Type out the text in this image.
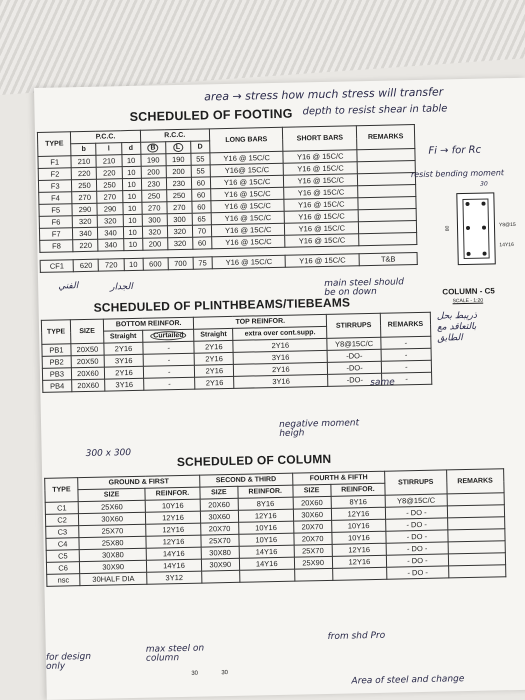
area → stress how much stress will transfer
SCHEDULED OF FOOTING depth to resist shear in table
TYPE	P.C.C.			R.C.C.			LONG BARS	SHORT BARS	REMARKS
	b	l	d	B	L	D			
F1	210	210	10	190	190	55	Y16 @ 15C/C	Y16 @ 15C/C	
F2	220	220	10	200	200	55	Y16@ 15C/C	Y16 @ 15C/C	
F3	250	250	10	230	230	60	Y16 @ 15C/C	Y16 @ 15C/C	
F4	270	270	10	250	250	60	Y16 @ 15C/C	Y16 @ 15C/C	
F5	290	290	10	270	270	60	Y16 @ 15C/C	Y16 @ 15C/C	
F6	320	320	10	300	300	65	Y16 @ 15C/C	Y16 @ 15C/C	
F7	340	340	10	320	320	70	Y16 @ 15C/C	Y16 @ 15C/C	
F8	220	340	10	200	320	60	Y16 @ 15C/C	Y16 @ 15C/C	

CF1	620	720	10	600	700	75	Y16 @ 15C/C	Y16 @ 15C/C	T&B
Fi → for Rc
resist bending moment
30
80
Y8@15
14Y16
main steel should be on down
الفني	الجدار	COLUMN - C5
SCALE - 1:20
SCHEDULED OF PLINTHBEAMS/TIEBEAMS
TYPE	SIZE	BOTTOM REINFOR.		TOP REINFOR.		STIRRUPS	REMARKS
		Straight	Curtailed	Straight	extra over cont.supp.		
PB1	20X50	2Y16	-	2Y16	2Y16	Y8@15C/C	-
PB2	20X50	3Y16	-	2Y16	3Y16	-DO-	-
PB3	20X60	2Y16	-	2Y16	2Y16	-DO-	-
PB4	20X60	3Y16	-	2Y16	3Y16	-DO-	-
ذريبط بحل بالتعاقد مع الطابق
same
negative moment heigh
300 x 300	SCHEDULED OF COLUMN
TYPE	GROUND & FIRST		SECOND & THIRD		FOURTH & FIFTH		STIRRUPS	REMARKS
	SIZE	REINFOR.	SIZE	REINFOR.	SIZE	REINFOR.		
C1	25X60	10Y16	20X60	8Y16	20X60	8Y16	Y8@15C/C	
C2	30X60	12Y16	30X60	12Y16	30X60	12Y16	- DO -	
C3	25X70	12Y16	20X70	10Y16	20X70	10Y16	- DO -	
C4	25X80	12Y16	25X70	10Y16	20X70	10Y16	- DO -	
C5	30X80	14Y16	30X80	14Y16	25X70	12Y16	- DO -	
C6	30X90	14Y16	30X90	14Y16	25X90	12Y16	- DO -	
nsc	30HALF DIA	3Y12					- DO -	
for design only
max steel on column
from shd Pro
Area of steel and change
30	30
